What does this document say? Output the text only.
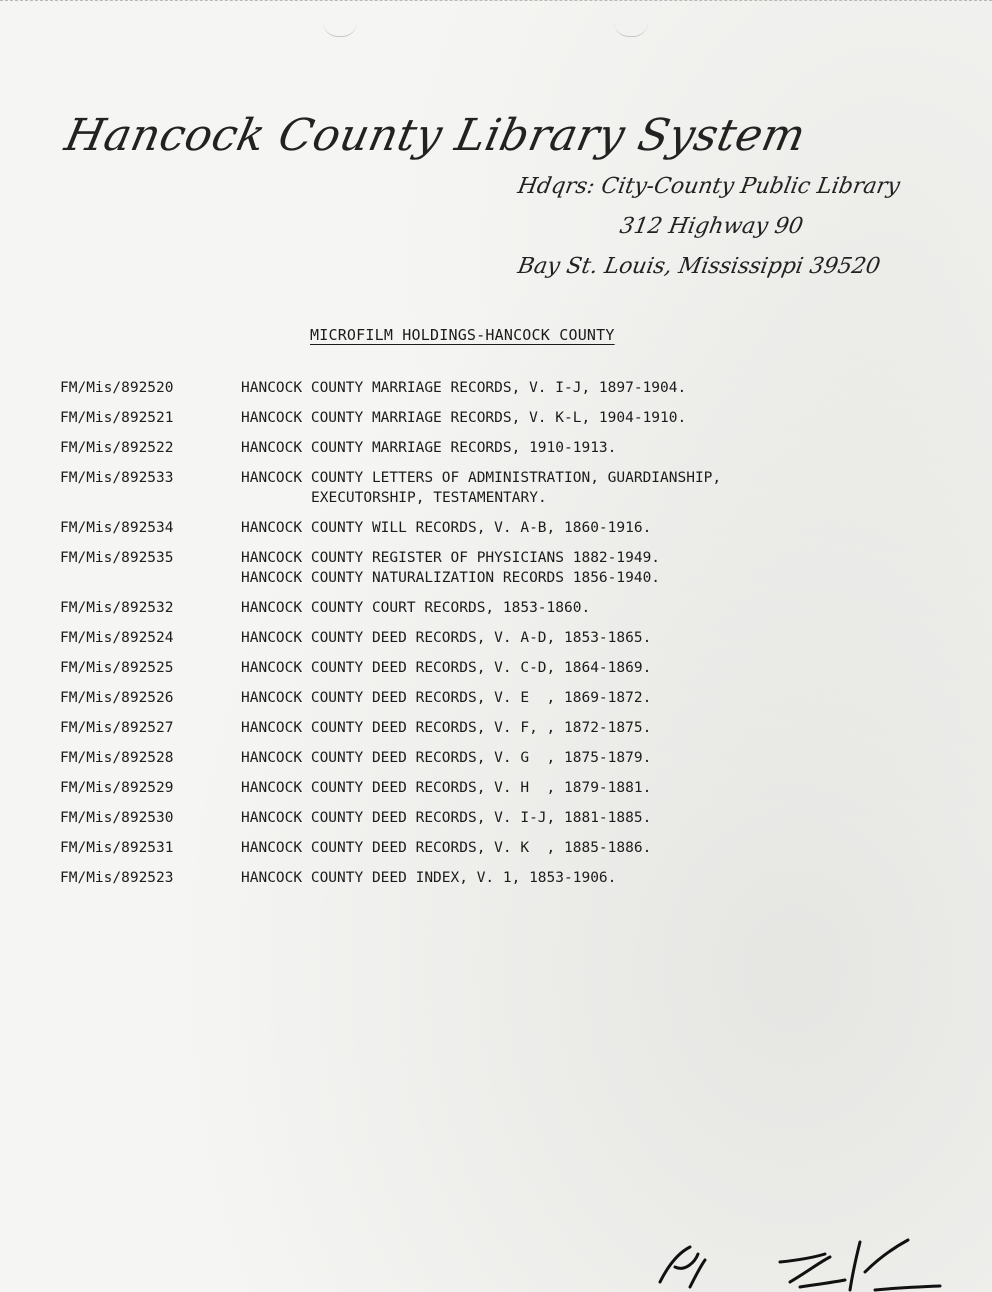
Hancock County Library System
Hdqrs: City-County Public Library
312 Highway 90
Bay St. Louis, Mississippi 39520
MICROFILM HOLDINGS-HANCOCK COUNTY
FM/Mis/892520	HANCOCK COUNTY MARRIAGE RECORDS, V. I-J, 1897-1904.
FM/Mis/892521	HANCOCK COUNTY MARRIAGE RECORDS, V. K-L, 1904-1910.
FM/Mis/892522	HANCOCK COUNTY MARRIAGE RECORDS, 1910-1913.
FM/Mis/892533	HANCOCK COUNTY LETTERS OF ADMINISTRATION, GUARDIANSHIP,
EXECUTORSHIP, TESTAMENTARY.
FM/Mis/892534	HANCOCK COUNTY WILL RECORDS, V. A-B, 1860-1916.
FM/Mis/892535	HANCOCK COUNTY REGISTER OF PHYSICIANS 1882-1949.
HANCOCK COUNTY NATURALIZATION RECORDS 1856-1940.
FM/Mis/892532	HANCOCK COUNTY COURT RECORDS, 1853-1860.
FM/Mis/892524	HANCOCK COUNTY DEED RECORDS, V. A-D, 1853-1865.
FM/Mis/892525	HANCOCK COUNTY DEED RECORDS, V. C-D, 1864-1869.
FM/Mis/892526	HANCOCK COUNTY DEED RECORDS, V. E  , 1869-1872.
FM/Mis/892527	HANCOCK COUNTY DEED RECORDS, V. F, , 1872-1875.
FM/Mis/892528	HANCOCK COUNTY DEED RECORDS, V. G  , 1875-1879.
FM/Mis/892529	HANCOCK COUNTY DEED RECORDS, V. H  , 1879-1881.
FM/Mis/892530	HANCOCK COUNTY DEED RECORDS, V. I-J, 1881-1885.
FM/Mis/892531	HANCOCK COUNTY DEED RECORDS, V. K  , 1885-1886.
FM/Mis/892523	HANCOCK COUNTY DEED INDEX, V. 1, 1853-1906.
